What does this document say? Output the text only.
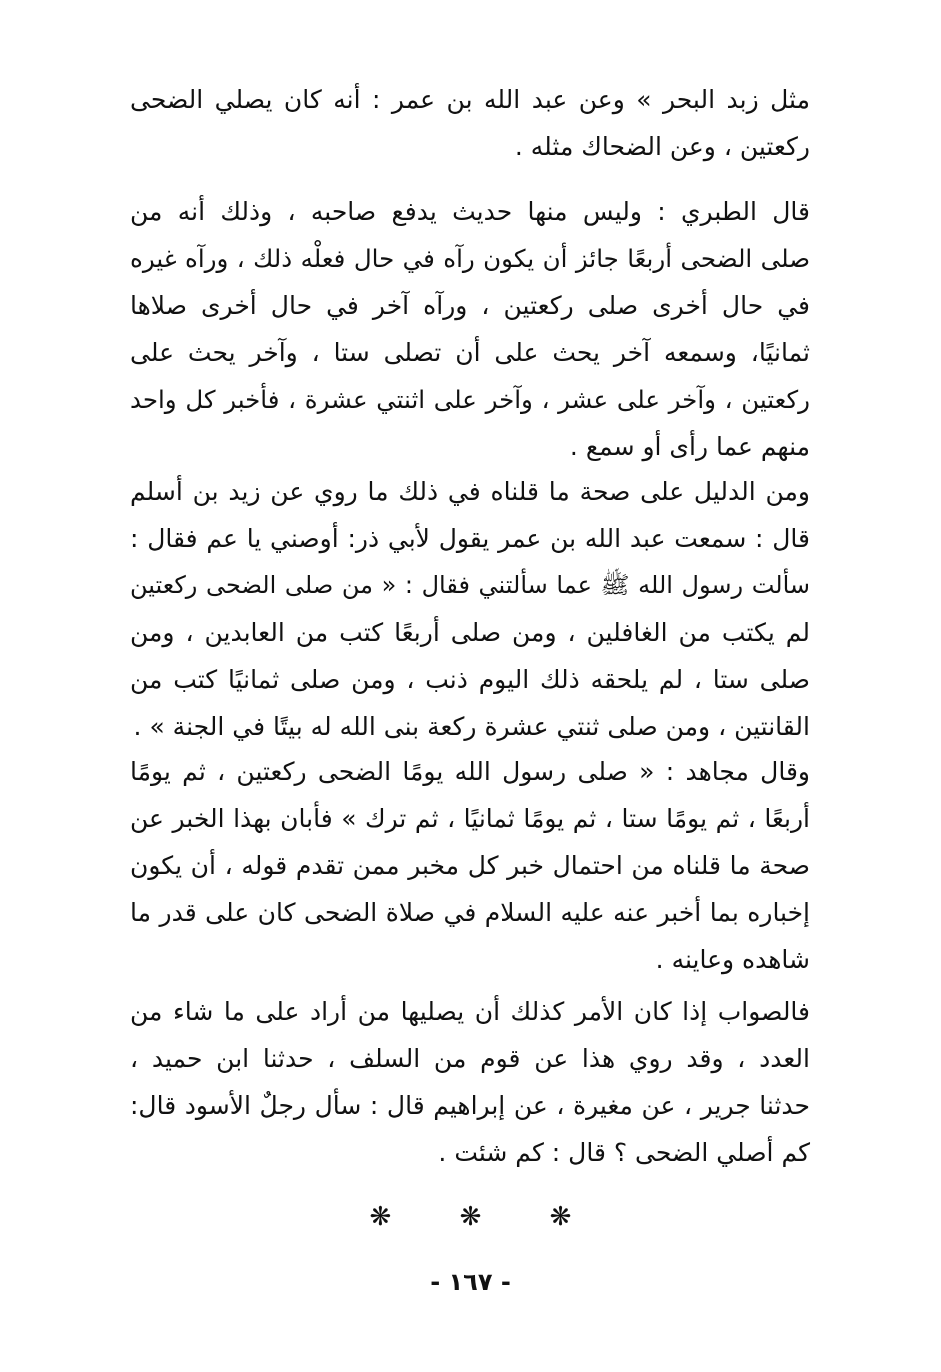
مثل زبد البحر » وعن عبد الله بن عمر : أنه كان يصلي الضحى
ركعتين ، وعن الضحاك مثله .
قال الطبري : وليس منها حديث يدفع صاحبه ، وذلك أنه من
صلى الضحى أربعًا جائز أن يكون رآه في حال فعلْه ذلك ، ورآه غيره
في حال أخرى صلى ركعتين ، ورآه آخر في حال أخرى صلاها
ثمانيًا، وسمعه آخر يحث على أن تصلى ستا ، وآخر يحث على
ركعتين ، وآخر على عشر ، وآخر على اثنتي عشرة ، فأخبر كل واحد
منهم عما رأى أو سمع .
ومن الدليل على صحة ما قلناه في ذلك ما روي عن زيد بن أسلم
قال : سمعت عبد الله بن عمر يقول لأبي ذر: أوصني يا عم فقال :
سألت رسول الله ﷺ عما سألتني فقال : « من صلى الضحى ركعتين
لم يكتب من الغافلين ، ومن صلى أربعًا كتب من العابدين ، ومن
صلى ستا ، لم يلحقه ذلك اليوم ذنب ، ومن صلى ثمانيًا كتب من
القانتين ، ومن صلى ثنتي عشرة ركعة بنى الله له بيتًا في الجنة » .
وقال مجاهد : « صلى رسول الله يومًا الضحى ركعتين ، ثم يومًا
أربعًا ، ثم يومًا ستا ، ثم يومًا ثمانيًا ، ثم ترك » فأبان بهذا الخبر عن
صحة ما قلناه من احتمال خبر كل مخبر ممن تقدم قوله ، أن يكون
إخباره بما أخبر عنه عليه السلام في صلاة الضحى كان على قدر ما
شاهده وعاينه .
فالصواب إذا كان الأمر كذلك أن يصليها من أراد على ما شاء من
العدد ، وقد روي هذا عن قوم من السلف ، حدثنا ابن حميد ،
حدثنا جرير ، عن مغيرة ، عن إبراهيم قال : سأل رجلٌ الأسود قال:
كم أصلي الضحى ؟ قال : كم شئت .
❋ ❋ ❋
- ١٦٧ -
